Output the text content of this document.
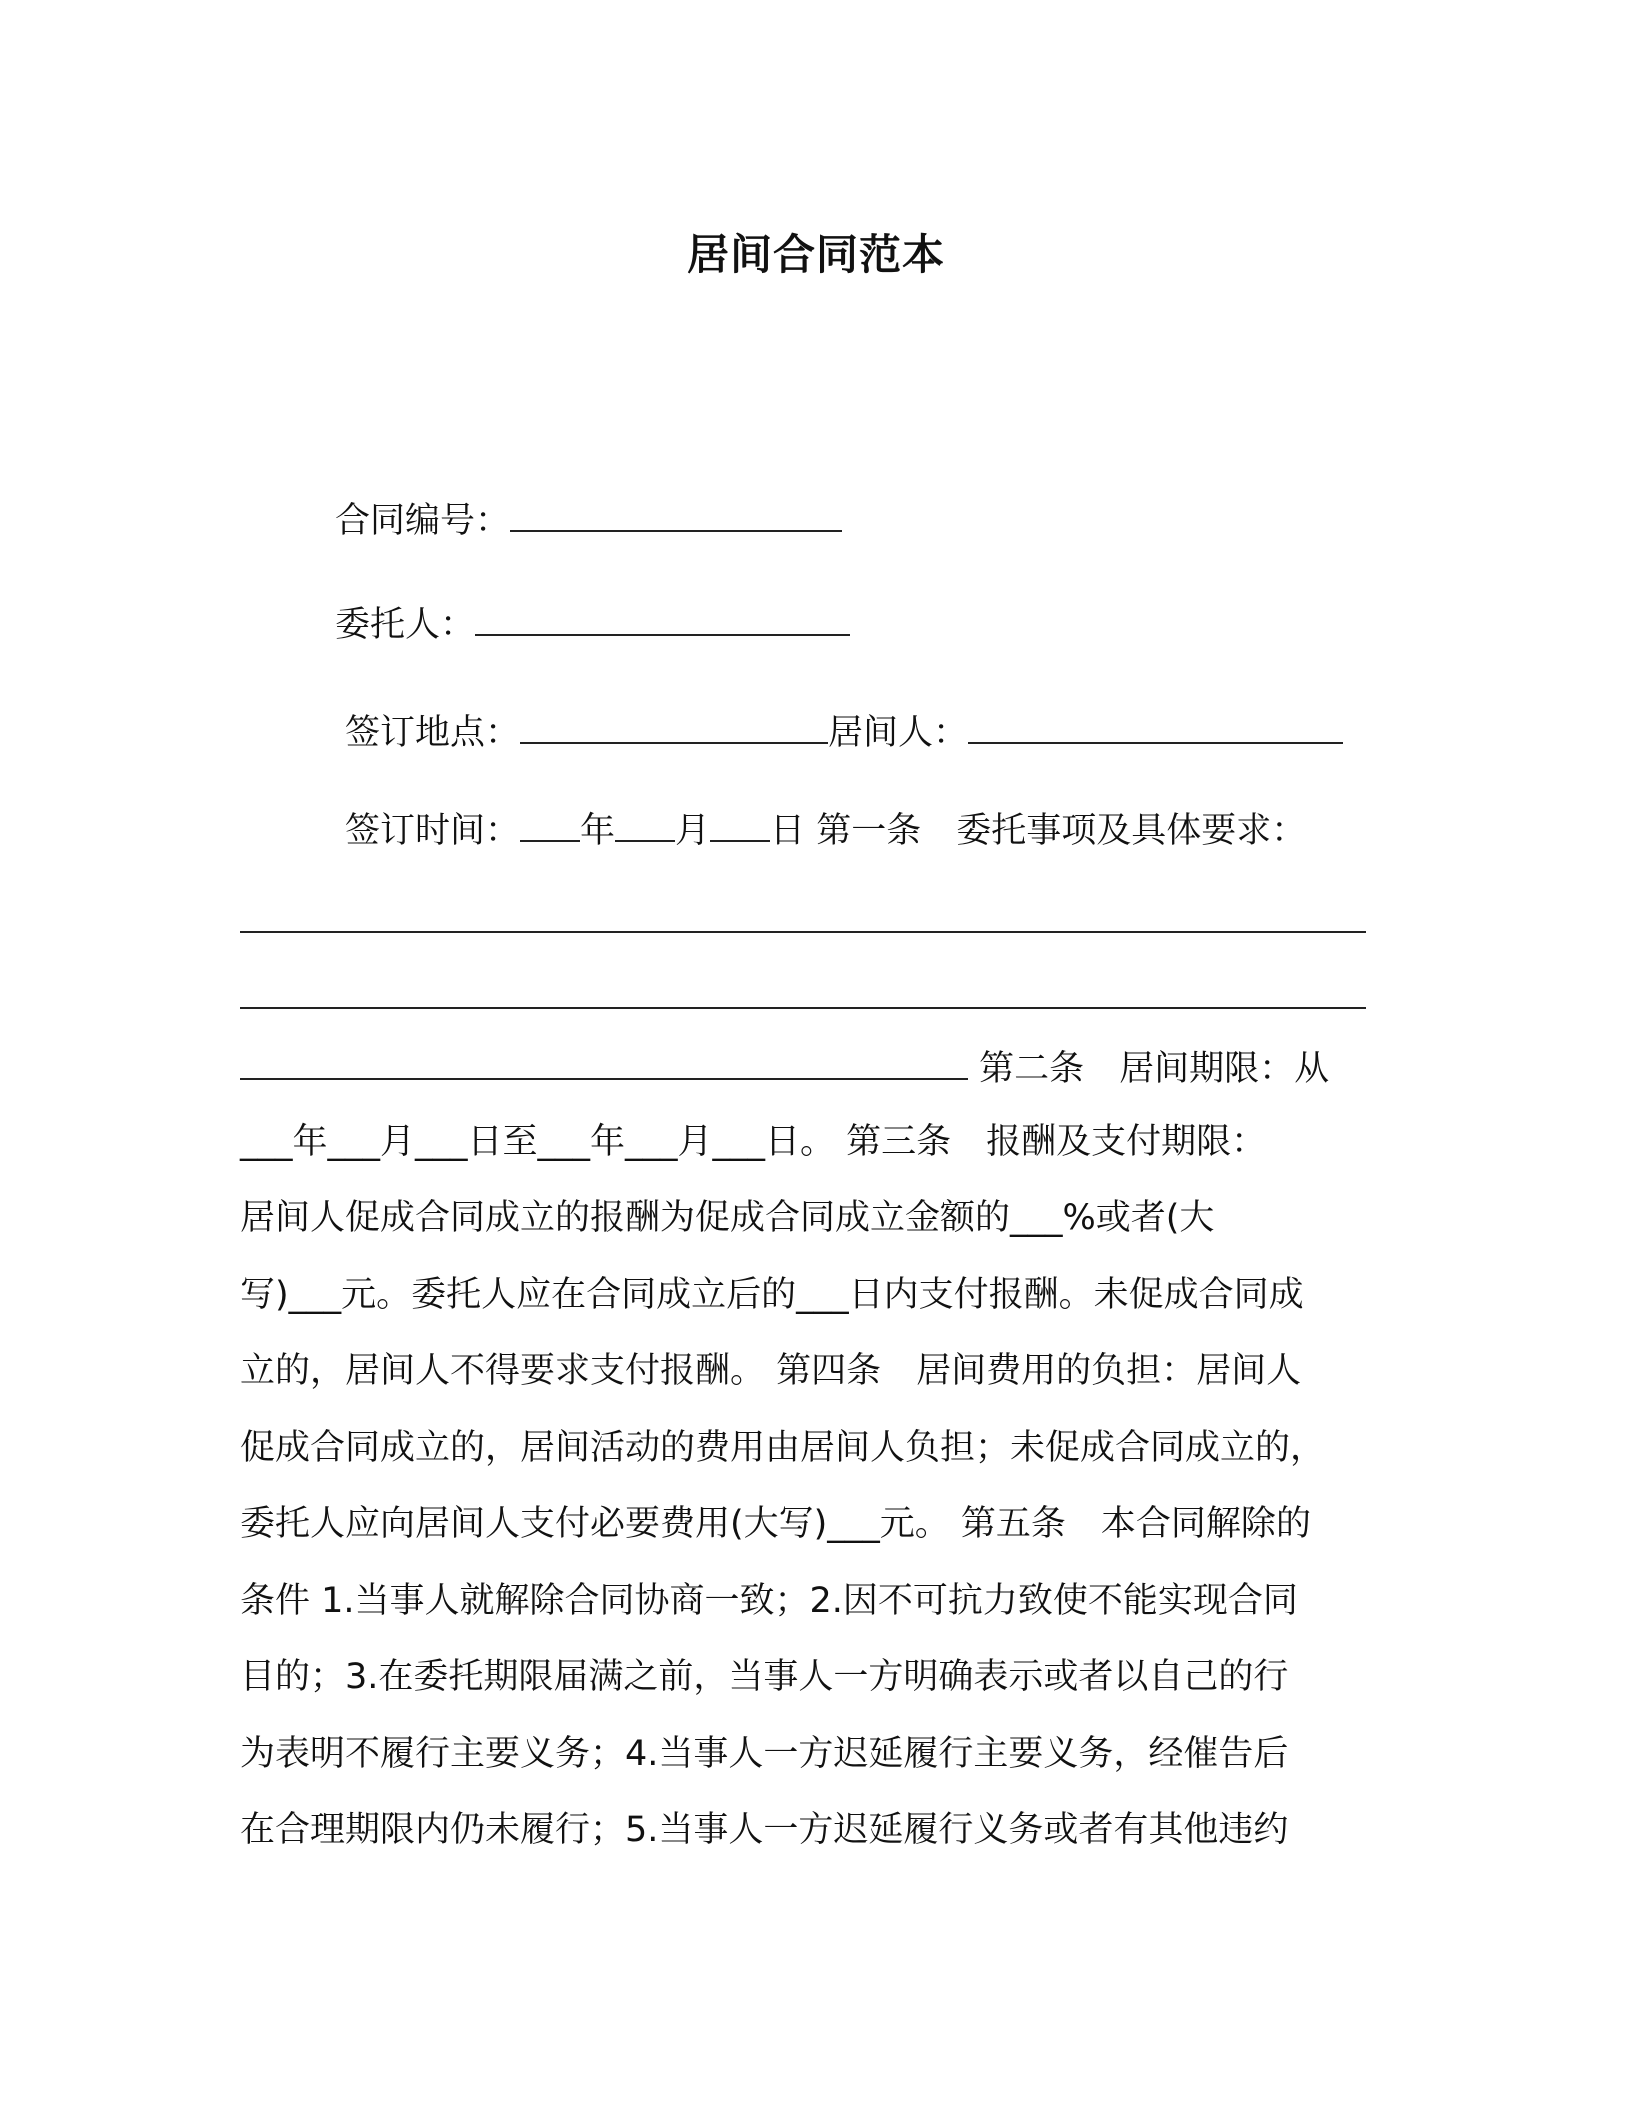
居间合同范本
合同编号：
委托人：
签订地点：	居间人：
签订时间： 年 月 日 第一条　委托事项及具体要求：
第二条　居间期限：从
___年___月___日至___年___月___日。 第三条　报酬及支付期限：
居间人促成合同成立的报酬为促成合同成立金额的___%或者(大
写)___元。委托人应在合同成立后的___日内支付报酬。未促成合同成
立的，居间人不得要求支付报酬。 第四条　居间费用的负担：居间人
促成合同成立的，居间活动的费用由居间人负担；未促成合同成立的，
委托人应向居间人支付必要费用(大写)___元。 第五条　本合同解除的
条件 1.当事人就解除合同协商一致；2.因不可抗力致使不能实现合同
目的；3.在委托期限届满之前，当事人一方明确表示或者以自己的行
为表明不履行主要义务；4.当事人一方迟延履行主要义务，经催告后
在合理期限内仍未履行；5.当事人一方迟延履行义务或者有其他违约
